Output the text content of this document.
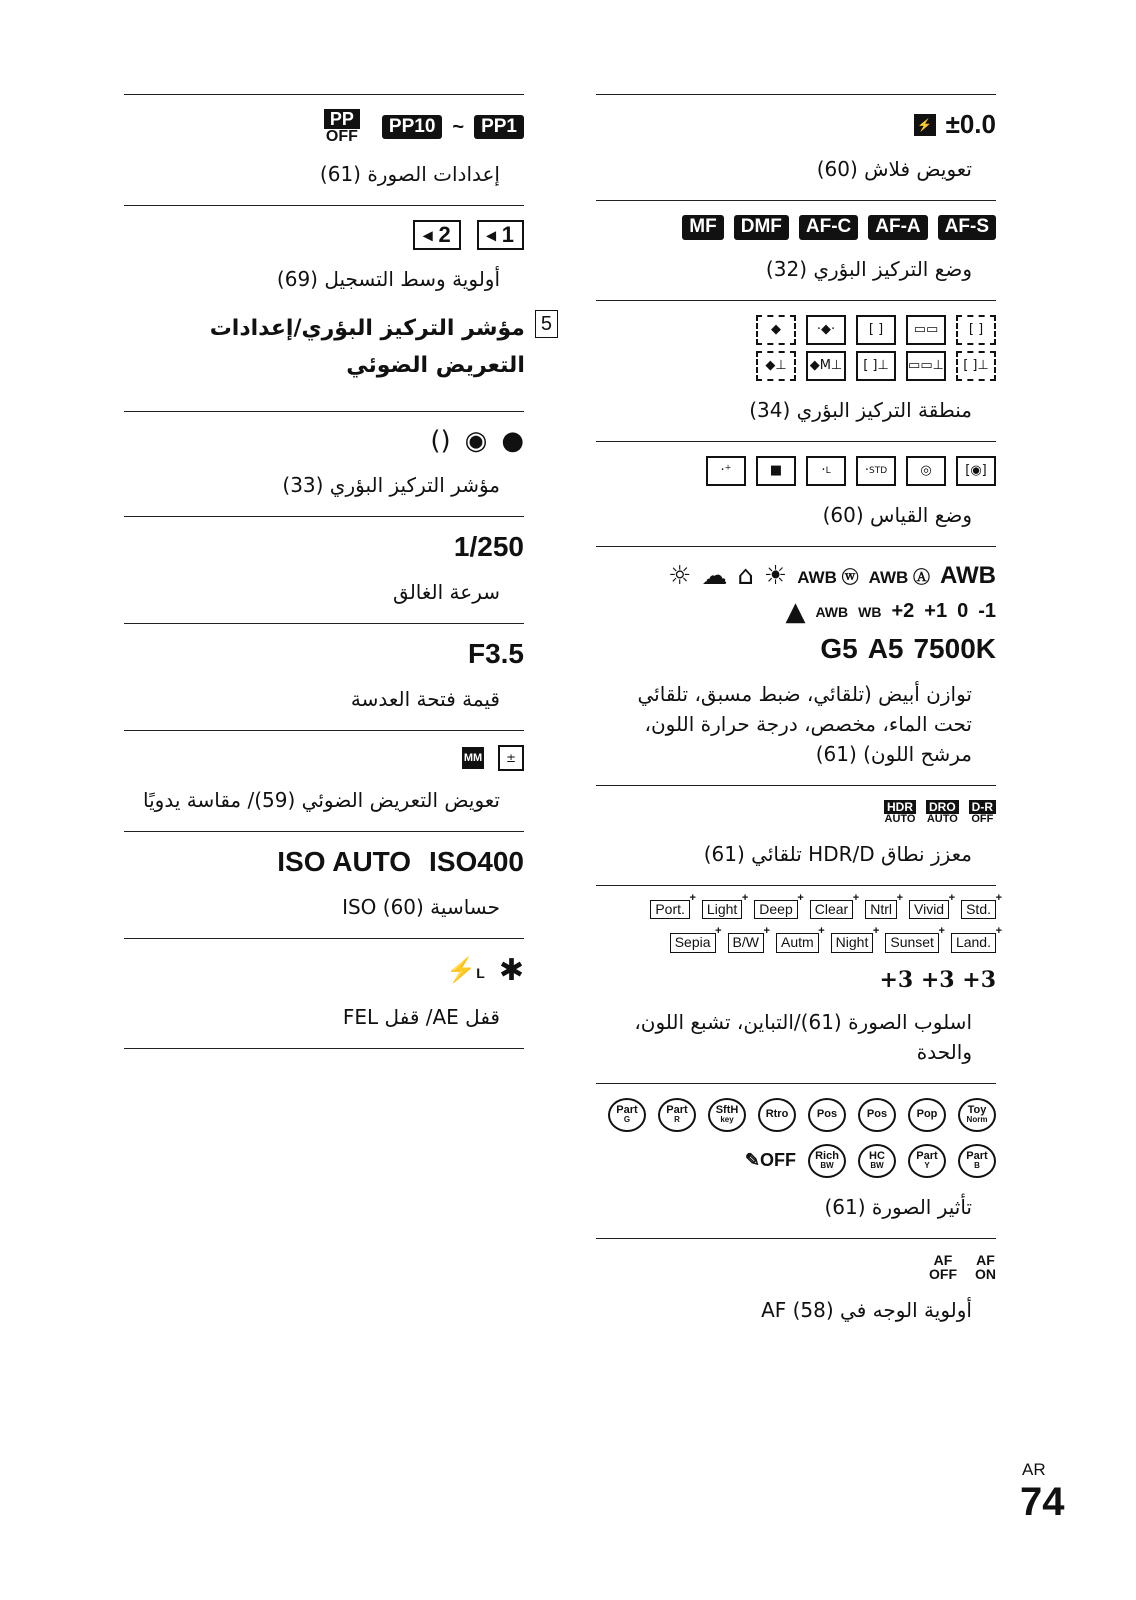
±0.0
⚡
تعويض فلاش (60)
AF-S
AF-A
AF-C
DMF
MF
وضع التركيز البؤري (32)
[ ]
▭▭
[ ]
·◆·
◆
[ ]⊥
▭▭⊥
[ ]⊥
◆M⊥
◆⊥
منطقة التركيز البؤري (34)
[◉]
◎
· STD
· L
■
·⁺
وضع القياس (60)
AWB
AWB Ⓐ
AWB ⓦ
☀
⌂
☁
☼
-1
0
+1
+2
WB
AWB
▲
7500K
A5
G5
توازن أبيض (تلقائي، ضبط مسبق، تلقائي
تحت الماء، مخصص، درجة حرارة اللون،
مرشح اللون) (61)
D-R
OFF
DRO
AUTO
HDR
AUTO
معزز نطاق HDR/D تلقائي (61)
Std. +
Vivid +
Ntrl +
Clear +
Deep +
Light +
Port. +
Land. +
Sunset +
Night +
Autm +
B/W +
Sepia +
+3 +3 +3
اسلوب الصورة (61)/التباين، تشبع اللون،
والحدة
Toy
Norm
Pop
Pos
Pos
Rtro
SftH
key
Part
R
Part
G
Part
B
Part
Y
HC
BW
Rich
BW
✎OFF
تأثير الصورة (61)
AF
ON
AF
OFF
أولوية الوجه في AF (58)
PP1
~
PP10
PP
OFF
إعدادات الصورة (61)
◂ 1
◂ 2
أولوية وسط التسجيل (69)
5
مؤشر التركيز البؤري/إعدادات التعريض الضوئي
●
◉
()
مؤشر التركيز البؤري (33)
1/250
سرعة الغالق
F3.5
قيمة فتحة العدسة
±
MM
تعويض التعريض الضوئي (59)/ مقاسة يدويًا
ISO400
ISO AUTO
حساسية ISO (60)
✱
⚡L
قفل AE/ قفل FEL
AR
74
